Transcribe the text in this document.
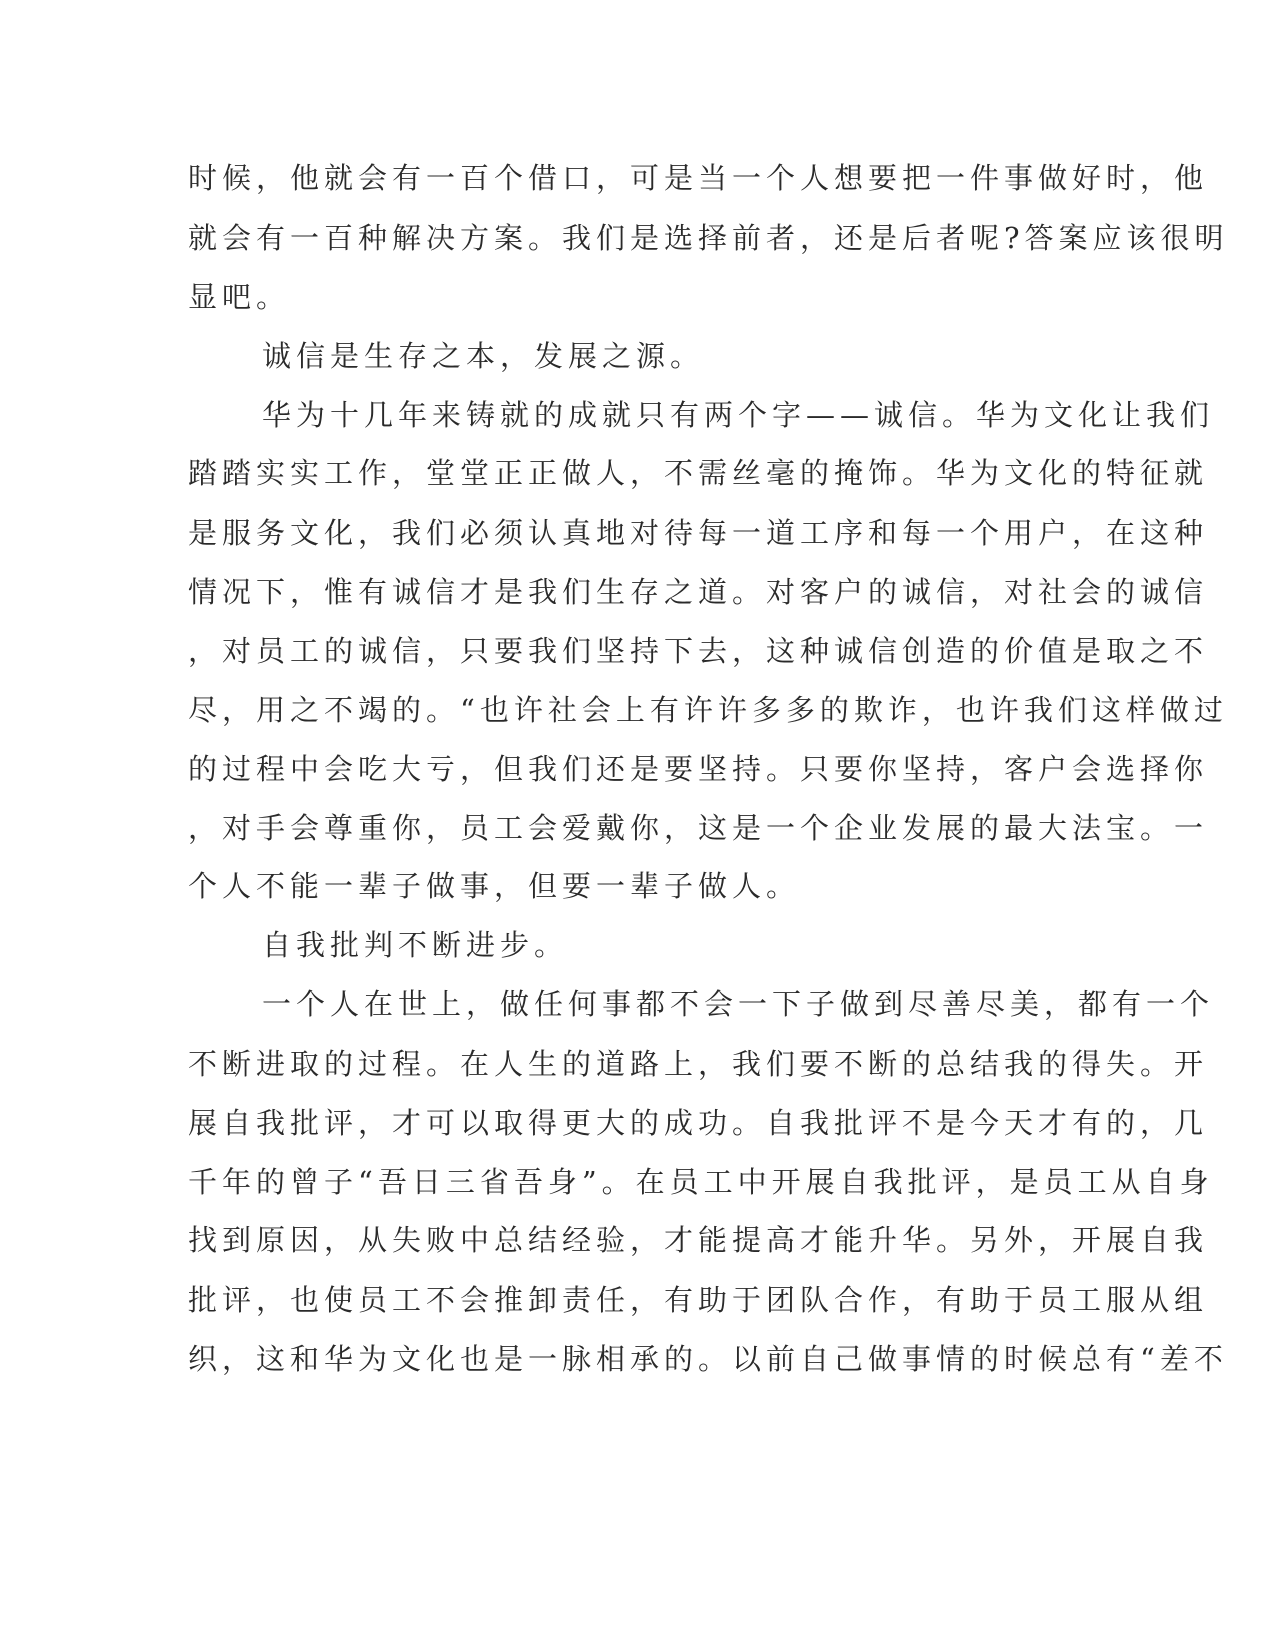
时候，他就会有一百个借口，可是当一个人想要把一件事做好时，他
就会有一百种解决方案。我们是选择前者，还是后者呢?答案应该很明
显吧。
诚信是生存之本，发展之源。
华为十几年来铸就的成就只有两个字——诚信。华为文化让我们
踏踏实实工作，堂堂正正做人，不需丝毫的掩饰。华为文化的特征就
是服务文化，我们必须认真地对待每一道工序和每一个用户，在这种
情况下，惟有诚信才是我们生存之道。对客户的诚信，对社会的诚信
，对员工的诚信，只要我们坚持下去，这种诚信创造的价值是取之不
尽，用之不竭的。“也许社会上有许许多多的欺诈，也许我们这样做过
的过程中会吃大亏，但我们还是要坚持。只要你坚持，客户会选择你
，对手会尊重你，员工会爱戴你，这是一个企业发展的最大法宝。一
个人不能一辈子做事，但要一辈子做人。
自我批判不断进步。
一个人在世上，做任何事都不会一下子做到尽善尽美，都有一个
不断进取的过程。在人生的道路上，我们要不断的总结我的得失。开
展自我批评，才可以取得更大的成功。自我批评不是今天才有的，几
千年的曾子“吾日三省吾身”。在员工中开展自我批评，是员工从自身
找到原因，从失败中总结经验，才能提高才能升华。另外，开展自我
批评，也使员工不会推卸责任，有助于团队合作，有助于员工服从组
织，这和华为文化也是一脉相承的。以前自己做事情的时候总有“差不
